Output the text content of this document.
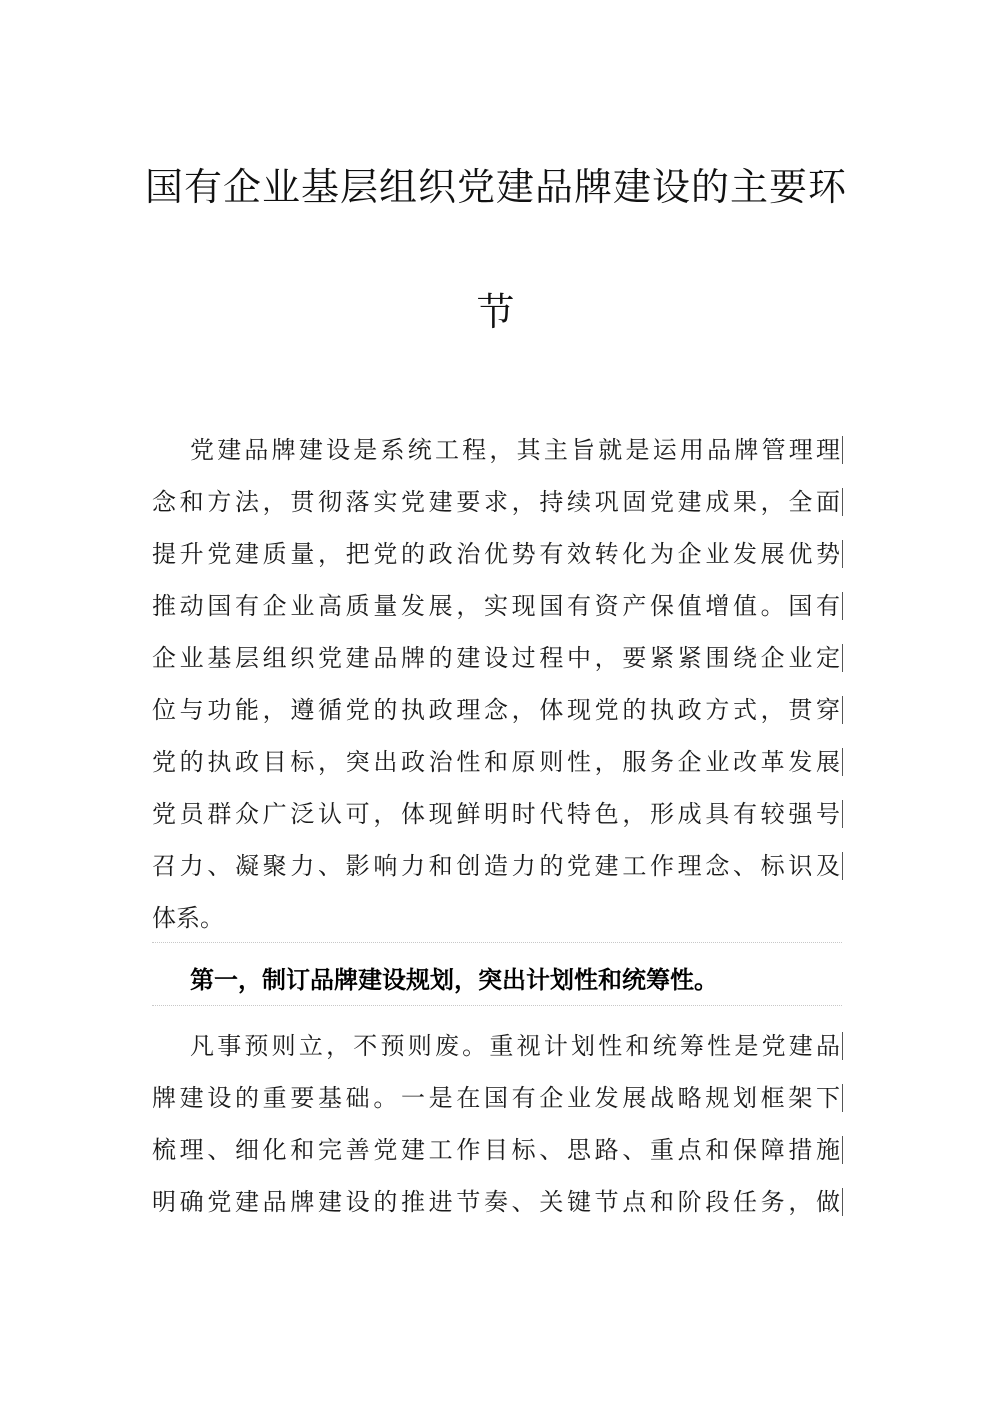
国有企业基层组织党建品牌建设的主要环
节
党建品牌建设是系统工程，其主旨就是运用品牌管理理
念和方法，贯彻落实党建要求，持续巩固党建成果，全面
提升党建质量，把党的政治优势有效转化为企业发展优势
推动国有企业高质量发展，实现国有资产保值增值。国有
企业基层组织党建品牌的建设过程中，要紧紧围绕企业定
位与功能，遵循党的执政理念，体现党的执政方式，贯穿
党的执政目标，突出政治性和原则性，服务企业改革发展
党员群众广泛认可，体现鲜明时代特色，形成具有较强号
召力、凝聚力、影响力和创造力的党建工作理念、标识及
体系。
第一，制订品牌建设规划，突出计划性和统筹性。
凡事预则立，不预则废。重视计划性和统筹性是党建品
牌建设的重要基础。一是在国有企业发展战略规划框架下
梳理、细化和完善党建工作目标、思路、重点和保障措施
明确党建品牌建设的推进节奏、关键节点和阶段任务，做
